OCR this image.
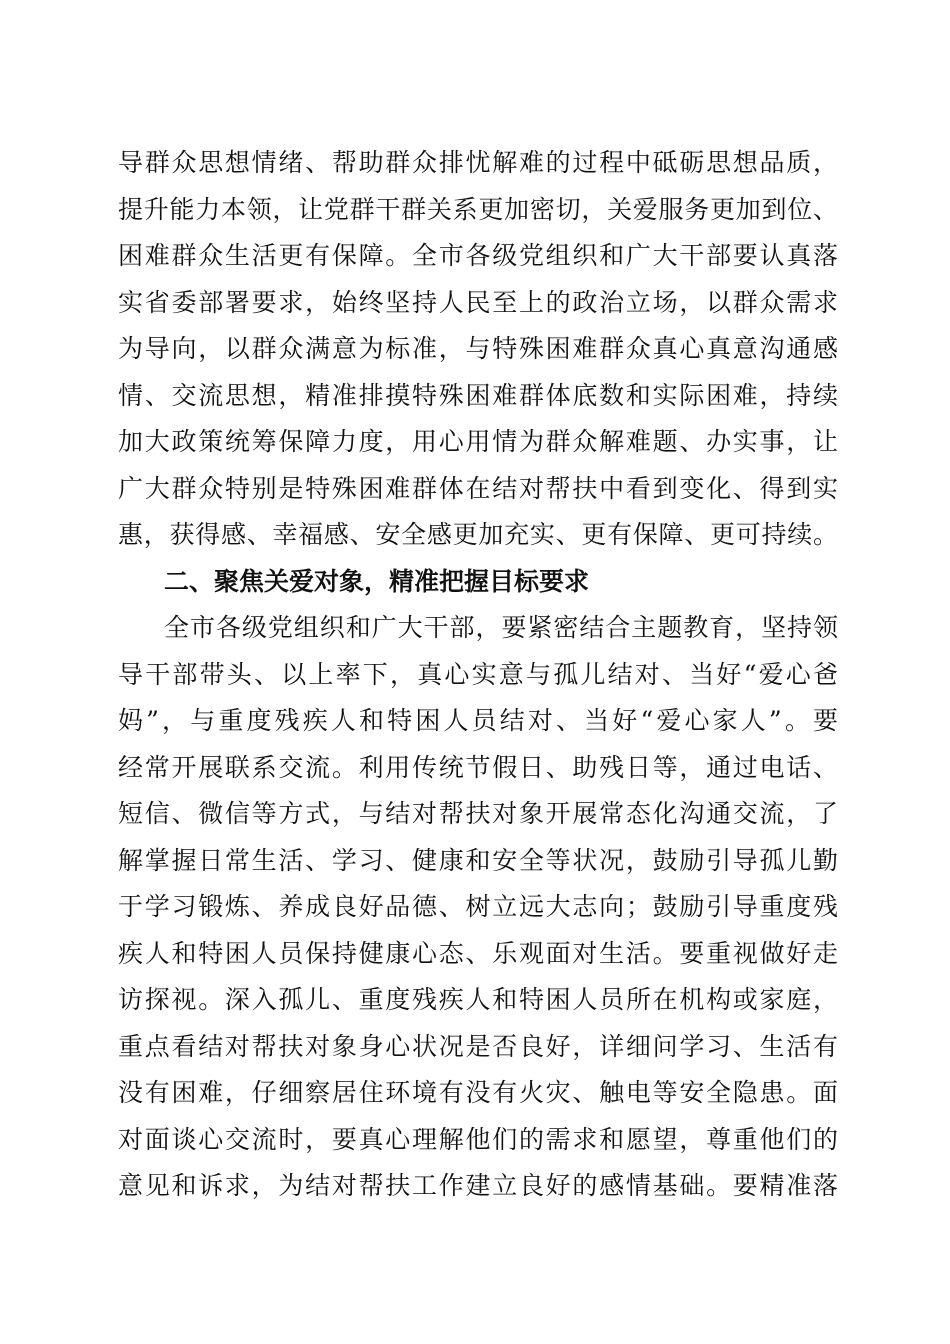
导群众思想情绪、帮助群众排忧解难的过程中砥砺思想品质，
提升能力本领，让党群干群关系更加密切，关爱服务更加到位、
困难群众生活更有保障。全市各级党组织和广大干部要认真落
实省委部署要求，始终坚持人民至上的政治立场，以群众需求
为导向，以群众满意为标准，与特殊困难群众真心真意沟通感
情、交流思想，精准排摸特殊困难群体底数和实际困难，持续
加大政策统筹保障力度，用心用情为群众解难题、办实事，让
广大群众特别是特殊困难群体在结对帮扶中看到变化、得到实
惠，获得感、幸福感、安全感更加充实、更有保障、更可持续。
二、聚焦关爱对象，精准把握目标要求
全市各级党组织和广大干部，要紧密结合主题教育，坚持领
导干部带头、以上率下，真心实意与孤儿结对、当好“爱心爸
妈”，与重度残疾人和特困人员结对、当好“爱心家人”。要
经常开展联系交流。利用传统节假日、助残日等，通过电话、
短信、微信等方式，与结对帮扶对象开展常态化沟通交流，了
解掌握日常生活、学习、健康和安全等状况，鼓励引导孤儿勤
于学习锻炼、养成良好品德、树立远大志向；鼓励引导重度残
疾人和特困人员保持健康心态、乐观面对生活。要重视做好走
访探视。深入孤儿、重度残疾人和特困人员所在机构或家庭，
重点看结对帮扶对象身心状况是否良好，详细问学习、生活有
没有困难，仔细察居住环境有没有火灾、触电等安全隐患。面
对面谈心交流时，要真心理解他们的需求和愿望，尊重他们的
意见和诉求，为结对帮扶工作建立良好的感情基础。要精准落
